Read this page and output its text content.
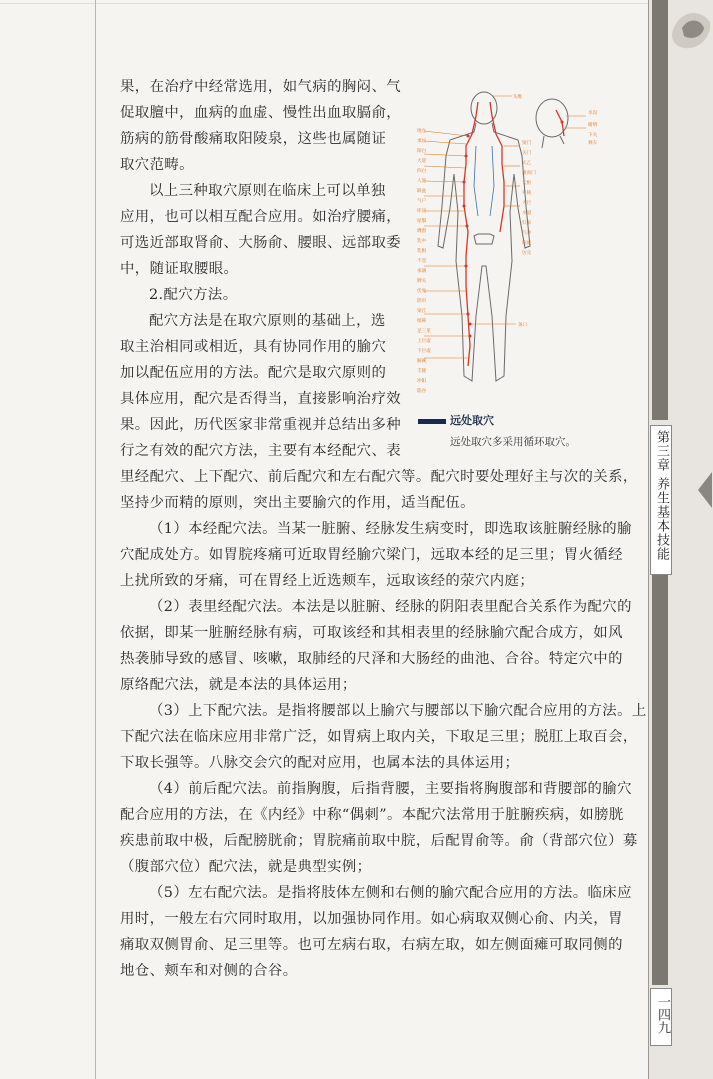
第三章 养生基本技能
一四九
果，在治疗中经常选用，如气病的胸闷、气
促取膻中，血病的血虚、慢性出血取膈俞，
筋病的筋骨酸痛取阳陵泉，这些也属随证
取穴范畴。
以上三种取穴原则在临床上可以单独
应用，也可以相互配合应用。如治疗腰痛，
可选近部取肾俞、大肠俞、腰眼、远部取委
中，随证取腰眼。
2.配穴方法。
配穴方法是在取穴原则的基础上，选
取主治相同或相近，具有协同作用的腧穴
加以配伍应用的方法。配穴是取穴原则的
具体应用，配穴是否得当，直接影响治疗效
果。因此，历代医家非常重视并总结出多种
行之有效的配穴方法，主要有本经配穴、表
头维
水沟
睛明
下关
颊车
地仓
承泣
阳白
大迎
四白
人迎
缺盆
气户
库房
屋翳
膺窗
乳中
乳根
不容
承满
梁门
关门
太乙
滑肉门
天枢
外陵
大巨
水道
归来
气冲
髀关
伏兔
阴市
梁丘
犊鼻
足三里
上巨虚
条口
下巨虚
解溪
丰隆
冲阳
陷谷
内庭
厉兑
远处取穴
远处取穴多采用循环取穴。
里经配穴、上下配穴、前后配穴和左右配穴等。配穴时要处理好主与次的关系，
坚持少而精的原则，突出主要腧穴的作用，适当配伍。
（1）本经配穴法。当某一脏腑、经脉发生病变时，即选取该脏腑经脉的腧
穴配成处方。如胃脘疼痛可近取胃经腧穴梁门，远取本经的足三里；胃火循经
上扰所致的牙痛，可在胃经上近选颊车，远取该经的荥穴内庭；
（2）表里经配穴法。本法是以脏腑、经脉的阴阳表里配合关系作为配穴的
依据，即某一脏腑经脉有病，可取该经和其相表里的经脉腧穴配合成方，如风
热袭肺导致的感冒、咳嗽，取肺经的尺泽和大肠经的曲池、合谷。特定穴中的
原络配穴法，就是本法的具体运用；
（3）上下配穴法。是指将腰部以上腧穴与腰部以下腧穴配合应用的方法。上
下配穴法在临床应用非常广泛，如胃病上取内关，下取足三里；脱肛上取百会，
下取长强等。八脉交会穴的配对应用，也属本法的具体运用；
（4）前后配穴法。前指胸腹，后指背腰，主要指将胸腹部和背腰部的腧穴
配合应用的方法，在《内经》中称“偶刺”。本配穴法常用于脏腑疾病，如膀胱
疾患前取中极，后配膀胱俞；胃脘痛前取中脘，后配胃俞等。俞（背部穴位）募
（腹部穴位）配穴法，就是典型实例；
（5）左右配穴法。是指将肢体左侧和右侧的腧穴配合应用的方法。临床应
用时，一般左右穴同时取用，以加强协同作用。如心病取双侧心俞、内关，胃
痛取双侧胃俞、足三里等。也可左病右取，右病左取，如左侧面瘫可取同侧的
地仓、颊车和对侧的合谷。
